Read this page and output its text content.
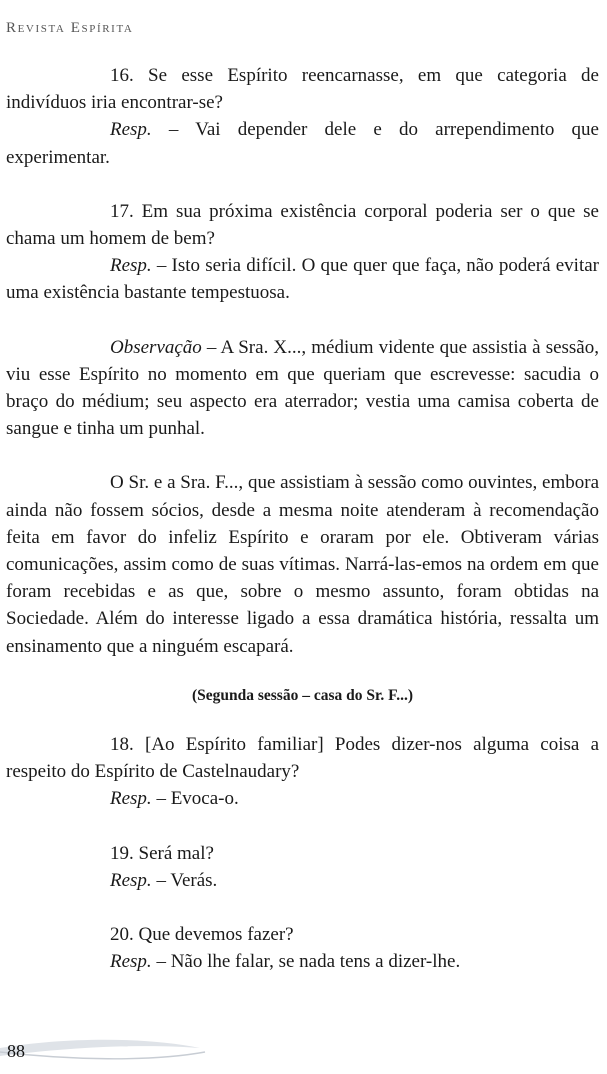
Revista Espírita

16. Se esse Espírito reencarnasse, em que categoria de indivíduos iria encontrar-se?

Resp. – Vai depender dele e do arrependimento que experimentar.

17. Em sua próxima existência corporal poderia ser o que se chama um homem de bem?

Resp. – Isto seria difícil. O que quer que faça, não poderá evitar uma existência bastante tempestuosa.

Observação – A Sra. X..., médium vidente que assistia à sessão, viu esse Espírito no momento em que queriam que escrevesse: sacudia o braço do médium; seu aspecto era aterrador; vestia uma camisa coberta de sangue e tinha um punhal.

O Sr. e a Sra. F..., que assistiam à sessão como ouvintes, embora ainda não fossem sócios, desde a mesma noite atenderam à recomendação feita em favor do infeliz Espírito e oraram por ele. Obtiveram várias comunicações, assim como de suas vítimas. Narrá-las-emos na ordem em que foram recebidas e as que, sobre o mesmo assunto, foram obtidas na Sociedade. Além do interesse ligado a essa dramática história, ressalta um ensinamento que a ninguém escapará.

(Segunda sessão – casa do Sr. F...)

18. [Ao Espírito familiar] Podes dizer-nos alguma coisa a respeito do Espírito de Castelnaudary?

Resp. – Evoca-o.

19. Será mal?

Resp. – Verás.

20. Que devemos fazer?

Resp. – Não lhe falar, se nada tens a dizer-lhe.

88
